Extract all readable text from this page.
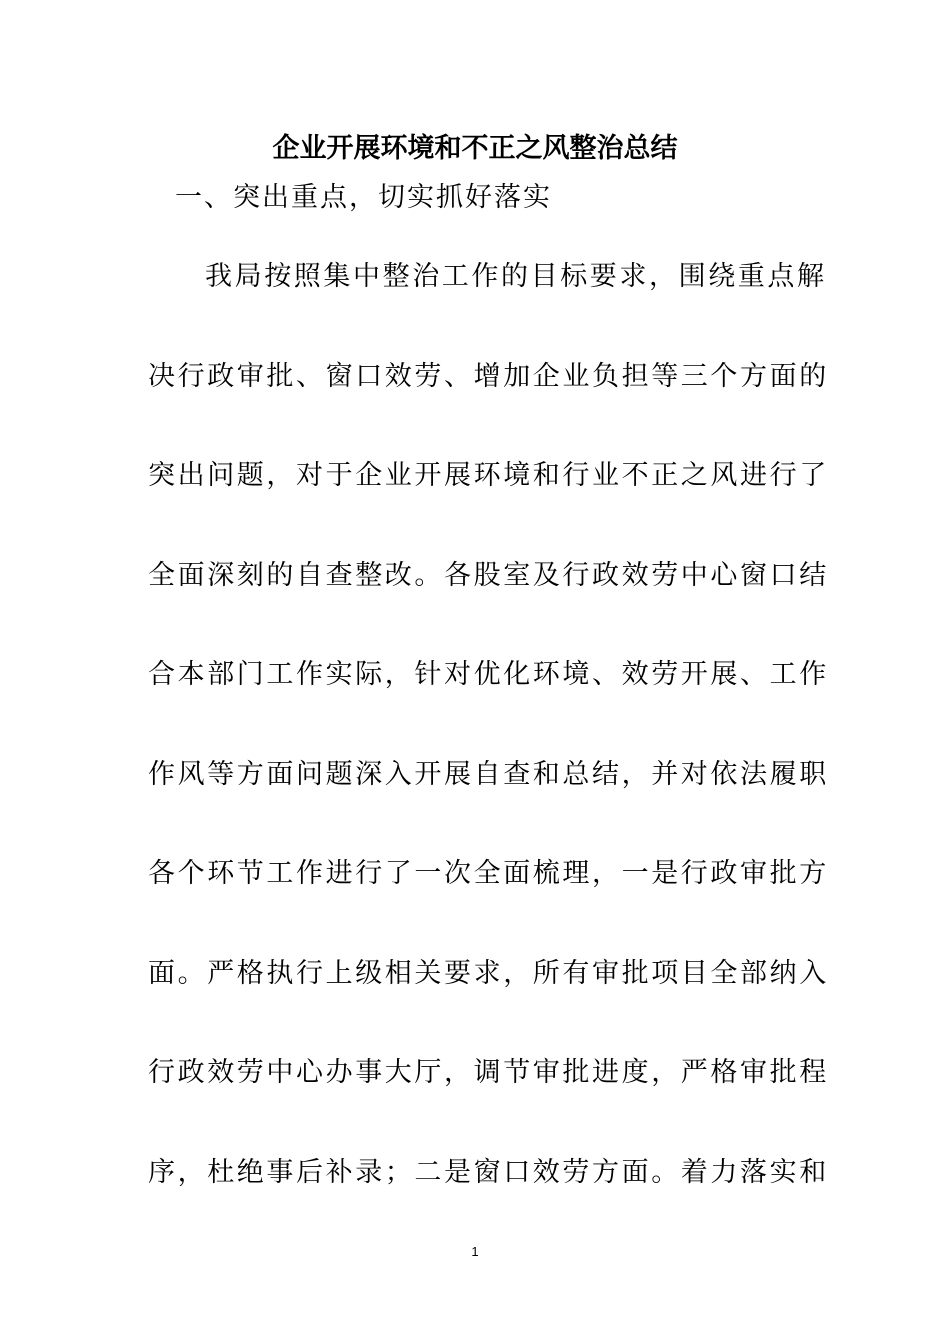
企业开展环境和不正之风整治总结
一、突出重点，切实抓好落实
我局按照集中整治工作的目标要求，围绕重点解
决行政审批、窗口效劳、增加企业负担等三个方面的
突出问题，对于企业开展环境和行业不正之风进行了
全面深刻的自查整改。各股室及行政效劳中心窗口结
合本部门工作实际，针对优化环境、效劳开展、工作
作风等方面问题深入开展自查和总结，并对依法履职
各个环节工作进行了一次全面梳理，一是行政审批方
面。严格执行上级相关要求，所有审批项目全部纳入
行政效劳中心办事大厅，调节审批进度，严格审批程
序，杜绝事后补录；二是窗口效劳方面。着力落实和
1
